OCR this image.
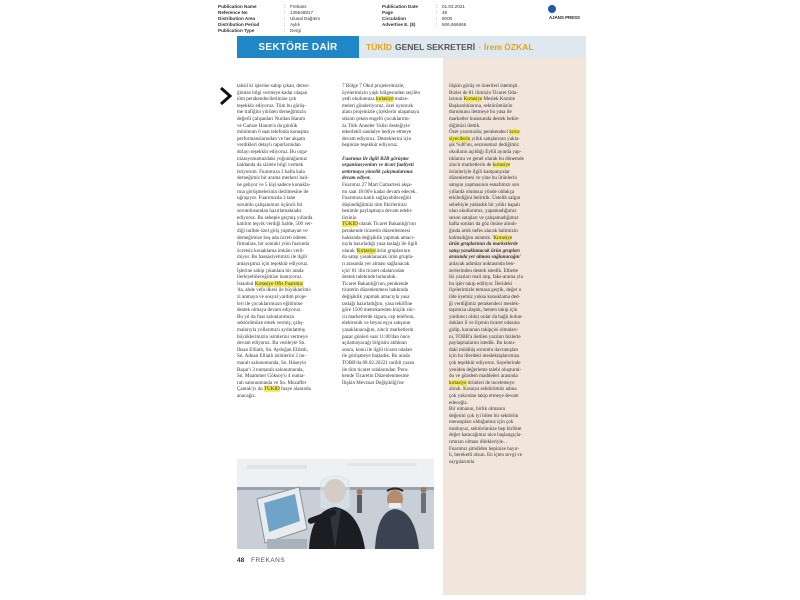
Publication Name	:	Frekans
Reference No	:	135548817
Distribution Area	:	Ulusal Dağıtım
Distribution Period	:	Aylık
Publication Type	:	Dergi
Publication Date	:	01.03.2021
Page	:	48
Circulation	:	8000
Advertise E. ($)	:	506,666666
AJANS PRESS
SEKTÖRE DAİR	TÜKİD GENEL SEKRETERİ - İrem ÖZKAL

tahsil ki işlerine sahip çıkan, derne-

ğimize bilgi vermeye kadar ulaşan

tüm perakendecilerimize çok

teşekkür ediyoruz. Tüm bu görüş-

me trafiğini yürüten derneğimizin

değerli çalışanları Nurdan Hanım

ve Gamze Hanım'a da günlük

minimum 6 saat telefonla konuşma

performanslarından ve her akşam

verdikleri detaylı raporlarından

dolayı teşekkür ediyoruz. Bu orga-

nizasyonumuzdaki yoğunluğumuz

haldanda da sizlere bilgi vermek

istiyorum. Fuarımıza 3 hafta kala

derneğimiz bir arama merkezi hali-

ne geliyor ve 5 kişi sadece konukla-

rına görüşmelerinin iletilmesine ile

uğraşıyor. Fuarımızda 3 tane

sorumlu çalışanımızı üçüncü bir

sorumlusundan hazırlamaktadır

ediyoruz. Bu sebeple geçmiş yıllarda

katılım teşvik verdiği halde, 500 ver-

diği tarihte özel giriş yapmayan ve

derneğimize boş ada ücreti ödeten

firmalara, bir sonraki yılın fuarında

ücretsiz konaklama imkânı veril-

miyor. Bu hassasiyetimizi ile ilgili

anlayışımız için teşekkür ediyoruz.

İşlerine sahip çıkanlara bir arada

ilerleyebileceğimize inanıyoruz.

İstanbul Kırtasiye Ofis Fuarımız

'da, ahde vefa ilkesi ile büyüklerimi-

zi anmaya ve sosyal yardım proje-

leri ile çocuklarımızın eğitimine

destek olmaya devam ediyoruz.

Bu yıl da fuar salonlarımıza

sektörümüze emek vermiş, çalış-

malarıyla yollarımızı aydınlatmış

büyüklerimizin isimlerini vermeye

devam ediyoruz. Bu vesileyle Sn.

İhsan Elliatlı, Sn. Aydoğan Elliatlı,

Sn. Adnan Elliatlı isimlerini 2 nu-

maralı salonumunda, Sn. Hüseyin

Başar'ı 3 numaralı salonumunda,

Sn. Muammer Göksoy'u 4 numa-

ralı salonumunda ve Sn. Muzaffer

Çantalı'yı da TÜKİD fuaye alanında

anacağız.

7 Bölge 7 Okul projelerimizle,

üyelerimizin yaşlı bölgesinden seçilen

yedi okulumuza kırtasiye malze-

meleri gönderiyoruz, özel oyuncak

alanı projemizle çiçeklerin ulaşamaya

sıkıntı çeken engelli çocuklarımı-

za Türk Anneler Valisi desteğiyle

tekerlekli sandalye hediye etmeye

devam ediyoruz. Desteklerini için

hepinize teşekkür ediyoruz.

Fuarımız ile ilgili B2B görüşme

organizasyonları ve ticari faaliyeti

arttırmaya yönelik çalışmalarımız

devam ediyor.

Fuarımız 27 Mart Cumartesi akşa-

mı saat 18:00'e kadar devam edecek.

Fuarımıza katılı sağlayabileceğini

düşündüğümüz tüm fikirlerinizi

benimle paylaşmaya devam edebi-

lirsiniz.

TÜKİD olarak Ticaret Bakanlığı'nın

perakende ticaretin düzenlenmesi

hakkında değişiklik yapmak amacı-

nıyla hazırladığı yasa taslağı ile ilgili

olarak 'Kırtasiye ürün gruplarının

da satışı yasaklanacak ürün grupla-

rı arasında yer alması sağlanacak

için' 81 ilin ticaret odalarından

destek talebinde bulunduk.

Ticaret Bakanlığı'nın, perakende

ticaretin düzenlenmesi hakkında

değişiklik yapmak amacıyla yasa

taslağı hazırladığını, yasa teklifine

göre 1500 metrekareden küçük züc-

cü marketlerde sigara, cep telefonu,

elektronik ve beyaz eşya satışının

yasaklanacağını, zincir marketlerin

pazar günleri saat 11:00'dan önce

açılamayacağı bilgisini aldıktan

sonra, konu ile ilgili ticaret odaları

ile görüşmeye başladık. Bu arada

TOBB'da 08.02.20221 tarihli yazısı

ile tüm ticaret odalarından 'Pera-

kende Ticaretin Düzenlenmesine

İlişkin Mevzuat Değişikliği'ne

ilişkin görüş ve önerileri istemişti.

Bizler de 81 ilimizin Ticaret Oda-

larının Kırtasiye Meslek Komite

Başkanlıklarına, sektörümüzün

durumunu iletmeye bu yasa ile

marketler hususunda destek bekle-

diğimizi ilettik.

Özet yazımızda; perakendeci kırta-

siyecilerin yıllık satışlarının yakla-

şık %40'ını, sezonumuz dediğimiz

okulların açıldığı Eylül ayında yap-

tıklarını ve genel olarak bu dönemde

zincir marketlerin de kırtasiye

ürünleriyle ilgili kampanyalar

düzenlemesi ve yine bu ürünlerin

satışını yapmasının esnafımızı son

yıllarda olumsuz yönde oldukça

etkilediğini belirttik. Üstelik salgın

sebebiyle yakladık bir yıldır kapalı

olan okullarımız, yapamadığımız

sezon satışları ve çalışamadığımız

hafta sonları da göz önüne alındı-

ğında artık nefes alacak halimizin

kalmadığını anlattık. 'Kırtasiye

ürün gruplarının da marketlerde

satışı yasaklanacak ürün grupları

arasında yer alması sağlanacağın'

anlacak adımlar noktasında ben-

zerlerinden destek istedik. Elbette

iki yazıları mail atıp, faks-arama yla

bu işler takip ediliyor. İlerideki

ilçelerimizle temasa geçtik, değer o

ilde üyemiz yoksa konuklama ded-

ği verdiğimiz perakendeci meslek-

taşımıza ulaştık, hemen takip için

yardımcı oldu) onlar da bağlı bulun-

dukları il ve ilçenin ticaret odasına

gidip, konunun takipçisi olmaları-

nı, TOBB'a iletilen yazıları bizlerle

paylaşmalarını istedik. Bu konu-

daki mütâhiş sorumlu davranışları

için bu illerdeki meslektaşlarımıza

çok teşekkür ediyoruz. Sayelerinde

yeniden değerleme talebi oluşturul-

du ve gündem maddeleri arasında

kırtasiye ürünleri de incelemeye

alındı. Konuya sektörümüz adına

çok yakından takip etmeye devam

edeceğiz.

Bir olmanın, birlik olmanın

değerini çok iyi bilen bir sektörün

mensupları olduğumuz için çok

mutluyuz, sektörümüze hep birlikte

değer katacağımız nice başlangıçla-

rımızın olması dilekleriyle...

Fuarımız şimdiden hepinize hayır-

lı, bereketli olsun. En içten sevgi ve

saygılarımla

48 FREKANS
